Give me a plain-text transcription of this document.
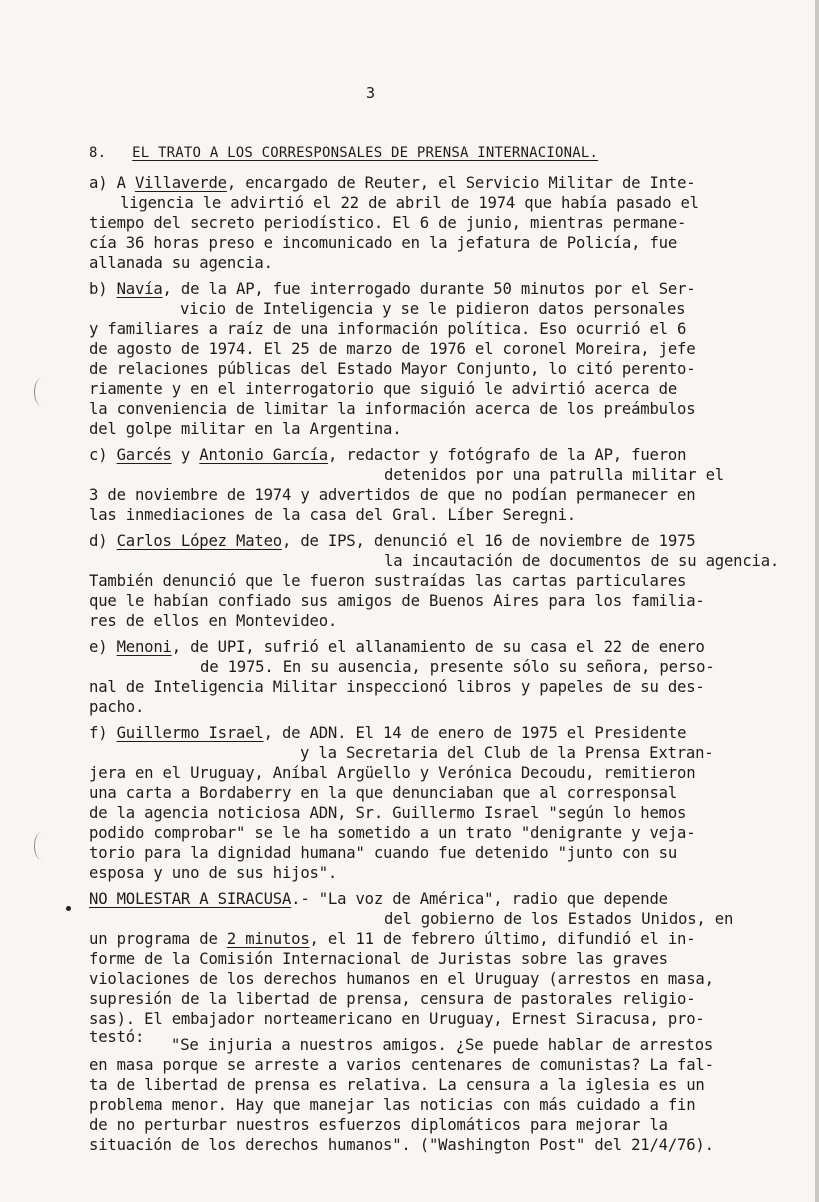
3
8. EL TRATO A LOS CORRESPONSALES DE PRENSA INTERNACIONAL.
a) A Villaverde, encargado de Reuter, el Servicio Militar de Inte-
ligencia le advirtió el 22 de abril de 1974 que había pasado el
tiempo del secreto periodístico. El 6 de junio, mientras permane-
cía 36 horas preso e incomunicado en la jefatura de Policía, fue
allanada su agencia.
b) Navía, de la AP, fue interrogado durante 50 minutos por el Ser-
vicio de Inteligencia y se le pidieron datos personales
y familiares a raíz de una información política. Eso ocurrió el 6
de agosto de 1974. El 25 de marzo de 1976 el coronel Moreira, jefe
de relaciones públicas del Estado Mayor Conjunto, lo citó perento-
riamente y en el interrogatorio que siguió le advirtió acerca de
la conveniencia de limitar la información acerca de los preámbulos
del golpe militar en la Argentina.
c) Garcés y Antonio García, redactor y fotógrafo de la AP, fueron
detenidos por una patrulla militar el
3 de noviembre de 1974 y advertidos de que no podían permanecer en
las inmediaciones de la casa del Gral. Líber Seregni.
d) Carlos López Mateo, de IPS, denunció el 16 de noviembre de 1975
la incautación de documentos de su agencia.
También denunció que le fueron sustraídas las cartas particulares
que le habían confiado sus amigos de Buenos Aires para los familia-
res de ellos en Montevideo.
e) Menoni, de UPI, sufrió el allanamiento de su casa el 22 de enero
de 1975. En su ausencia, presente sólo su señora, perso-
nal de Inteligencia Militar inspeccionó libros y papeles de su des-
pacho.
f) Guillermo Israel, de ADN. El 14 de enero de 1975 el Presidente
y la Secretaria del Club de la Prensa Extran-
jera en el Uruguay, Aníbal Argüello y Verónica Decoudu, remitieron
una carta a Bordaberry en la que denunciaban que al corresponsal
de la agencia noticiosa ADN, Sr. Guillermo Israel "según lo hemos
podido comprobar" se le ha sometido a un trato "denigrante y veja-
torio para la dignidad humana" cuando fue detenido "junto con su
esposa y uno de sus hijos".
NO MOLESTAR A SIRACUSA.- "La voz de América", radio que depende
del gobierno de los Estados Unidos, en
un programa de 2 minutos, el 11 de febrero último, difundió el in-
forme de la Comisión Internacional de Juristas sobre las graves
violaciones de los derechos humanos en el Uruguay (arrestos en masa,
supresión de la libertad de prensa, censura de pastorales religio-
sas). El embajador norteamericano en Uruguay, Ernest Siracusa, pro-
testó: "Se injuria a nuestros amigos. ¿Se puede hablar de arrestos
en masa porque se arreste a varios centenares de comunistas? La fal-
ta de libertad de prensa es relativa. La censura a la iglesia es un
problema menor. Hay que manejar las noticias con más cuidado a fin
de no perturbar nuestros esfuerzos diplomáticos para mejorar la
situación de los derechos humanos". ("Washington Post" del 21/4/76).
